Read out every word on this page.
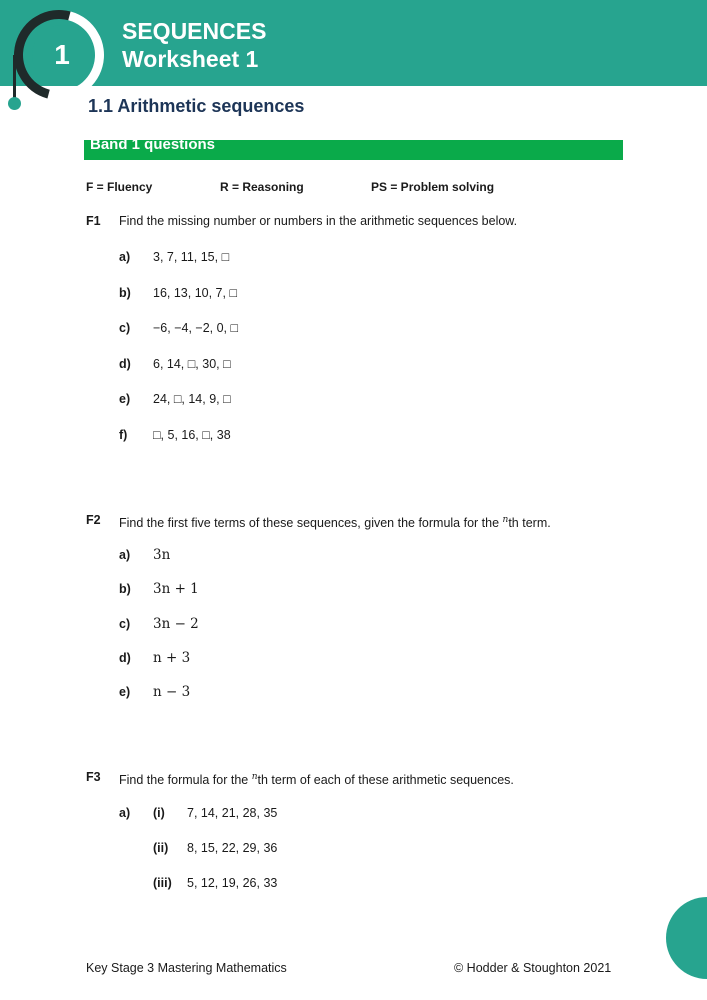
1
SEQUENCES
Worksheet 1
1.1 Arithmetic sequences
Band 1 questions
F = Fluency	R = Reasoning	PS = Problem solving
F1 Find the missing number or numbers in the arithmetic sequences below.
a) 3, 7, 11, 15, □
b) 16, 13, 10, 7, □
c) −6, −4, −2, 0, □
d) 6, 14, □, 30, □
e) 24, □, 14, 9, □
f) □, 5, 16, □, 38
F2 Find the first five terms of these sequences, given the formula for the $^n$th term.
a) 3n
b) 3n + 1
c) 3n − 2
d) n + 3
e) n − 3
F3 Find the formula for the $^n$th term of each of these arithmetic sequences.
a) (i) 7, 14, 21, 28, 35
(ii) 8, 15, 22, 29, 36
(iii) 5, 12, 19, 26, 33
Key Stage 3 Mastering Mathematics	© Hodder & Stoughton 2021
